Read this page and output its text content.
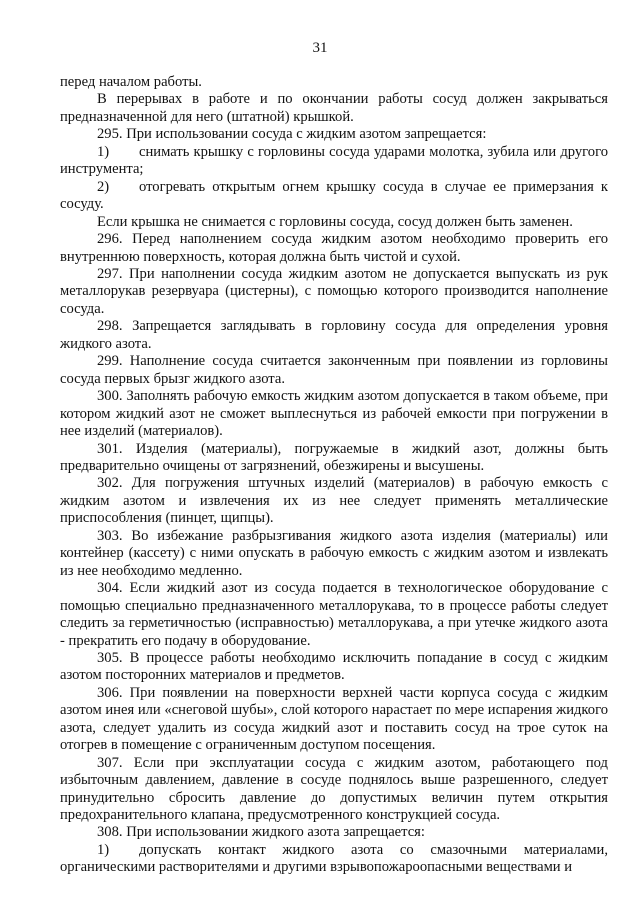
31

перед началом работы.

В перерывах в работе и по окончании работы сосуд должен закрываться предназначенной для него (штатной) крышкой.

295. При использовании сосуда с жидким азотом запрещается:

1) снимать крышку с горловины сосуда ударами молотка, зубила или другого инструмента;

2) отогревать открытым огнем крышку сосуда в случае ее примерзания к сосуду.

Если крышка не снимается с горловины сосуда, сосуд должен быть заменен.

296. Перед наполнением сосуда жидким азотом необходимо проверить его внутреннюю поверхность, которая должна быть чистой и сухой.

297. При наполнении сосуда жидким азотом не допускается выпускать из рук металлорукав резервуара (цистерны), с помощью которого производится наполнение сосуда.

298. Запрещается заглядывать в горловину сосуда для определения уровня жидкого азота.

299. Наполнение сосуда считается законченным при появлении из горловины сосуда первых брызг жидкого азота.

300. Заполнять рабочую емкость жидким азотом допускается в таком объеме, при котором жидкий азот не сможет выплеснуться из рабочей емкости при погружении в нее изделий (материалов).

301. Изделия (материалы), погружаемые в жидкий азот, должны быть предварительно очищены от загрязнений, обезжирены и высушены.

302. Для погружения штучных изделий (материалов) в рабочую емкость с жидким азотом и извлечения их из нее следует применять металлические приспособления (пинцет, щипцы).

303. Во избежание разбрызгивания жидкого азота изделия (материалы) или контейнер (кассету) с ними опускать в рабочую емкость с жидким азотом и извлекать из нее необходимо медленно.

304. Если жидкий азот из сосуда подается в технологическое оборудование с помощью специально предназначенного металлорукава, то в процессе работы следует следить за герметичностью (исправностью) металлорукава, а при утечке жидкого азота - прекратить его подачу в оборудование.

305. В процессе работы необходимо исключить попадание в сосуд с жидким азотом посторонних материалов и предметов.

306. При появлении на поверхности верхней части корпуса сосуда с жидким азотом инея или «снеговой шубы», слой которого нарастает по мере испарения жидкого азота, следует удалить из сосуда жидкий азот и поставить сосуд на трое суток на отогрев в помещение с ограниченным доступом посещения.

307. Если при эксплуатации сосуда с жидким азотом, работающего под избыточным давлением, давление в сосуде поднялось выше разрешенного, следует принудительно сбросить давление до допустимых величин путем открытия предохранительного клапана, предусмотренного конструкцией сосуда.

308. При использовании жидкого азота запрещается:

1) допускать контакт жидкого азота со смазочными материалами, органическими растворителями и другими взрывопожароопасными веществами и
